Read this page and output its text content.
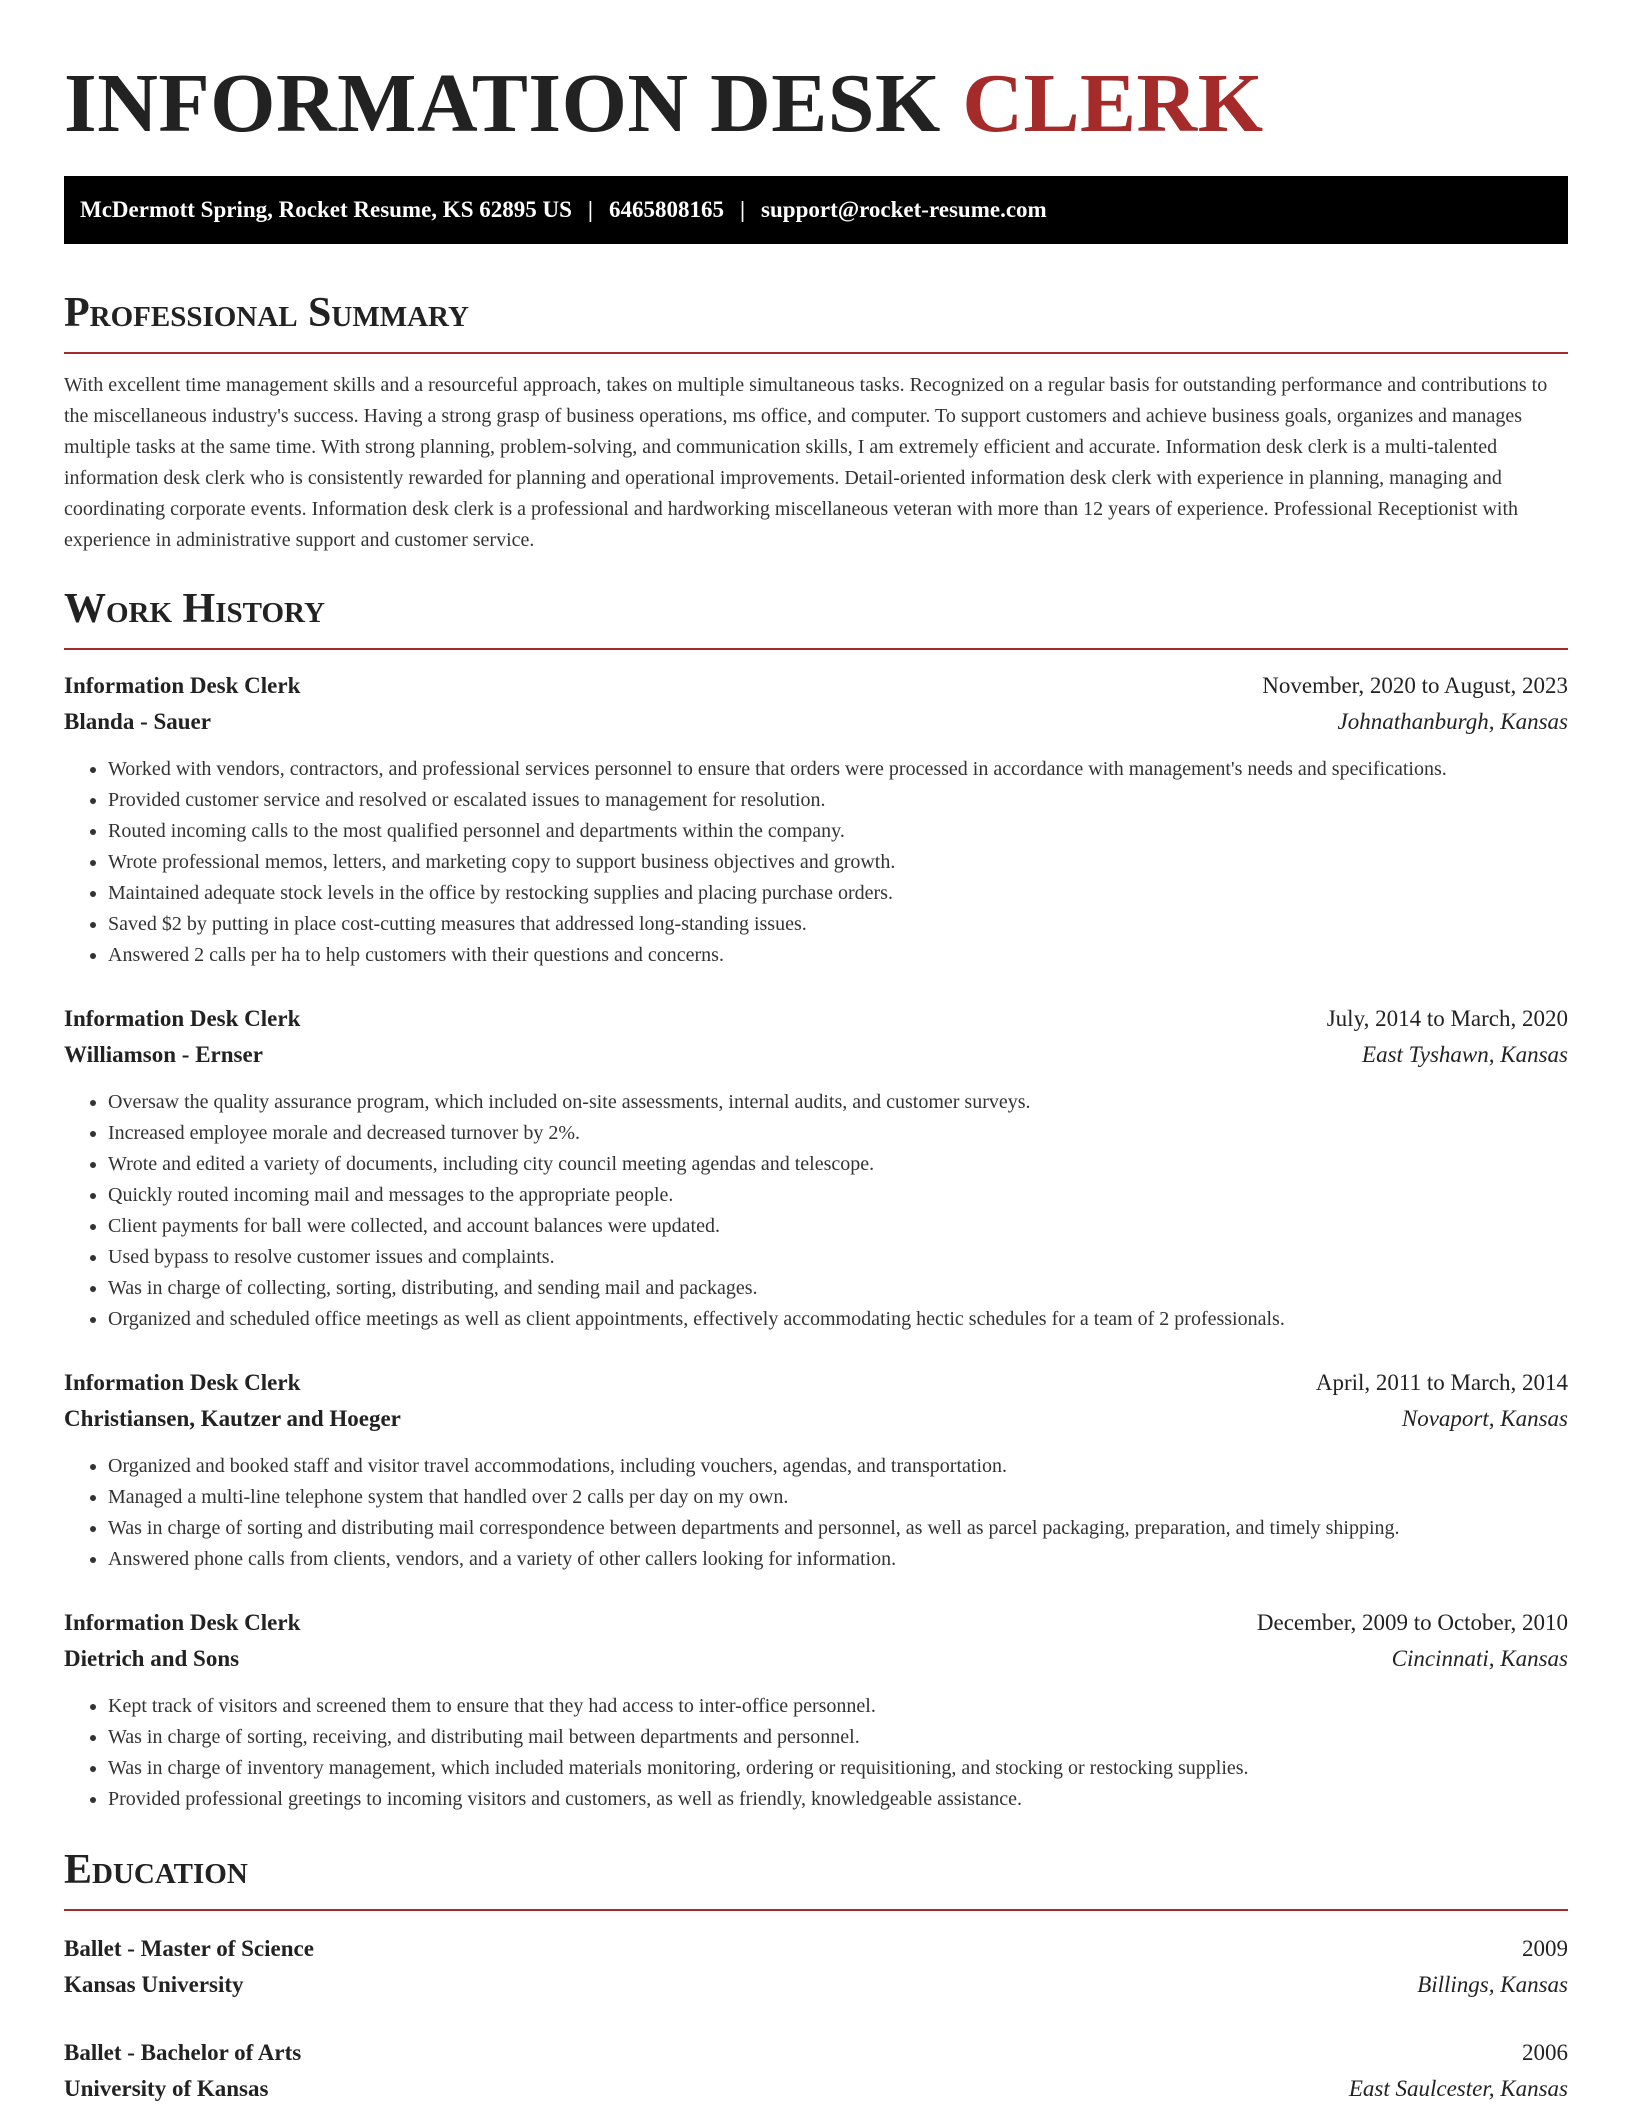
INFORMATION DESK CLERK
McDermott Spring, Rocket Resume, KS 62895 US | 6465808165 | support@rocket-resume.com
Professional Summary

With excellent time management skills and a resourceful approach, takes on multiple simultaneous tasks. Recognized on a regular basis for outstanding performance and contributions to the miscellaneous industry's success. Having a strong grasp of business operations, ms office, and computer. To support customers and achieve business goals, organizes and manages multiple tasks at the same time. With strong planning, problem-solving, and communication skills, I am extremely efficient and accurate. Information desk clerk is a multi-talented information desk clerk who is consistently rewarded for planning and operational improvements. Detail-oriented information desk clerk with experience in planning, managing and coordinating corporate events. Information desk clerk is a professional and hardworking miscellaneous veteran with more than 12 years of experience. Professional Receptionist with experience in administrative support and customer service.

Work History
Information Desk Clerk	November, 2020 to August, 2023
Blanda - Sauer	Johnathanburgh, Kansas
• Worked with vendors, contractors, and professional services personnel to ensure that orders were processed in accordance with management's needs and specifications.
• Provided customer service and resolved or escalated issues to management for resolution.
• Routed incoming calls to the most qualified personnel and departments within the company.
• Wrote professional memos, letters, and marketing copy to support business objectives and growth.
• Maintained adequate stock levels in the office by restocking supplies and placing purchase orders.
• Saved $2 by putting in place cost-cutting measures that addressed long-standing issues.
• Answered 2 calls per ha to help customers with their questions and concerns.
Information Desk Clerk	July, 2014 to March, 2020
Williamson - Ernser	East Tyshawn, Kansas
• Oversaw the quality assurance program, which included on-site assessments, internal audits, and customer surveys.
• Increased employee morale and decreased turnover by 2%.
• Wrote and edited a variety of documents, including city council meeting agendas and telescope.
• Quickly routed incoming mail and messages to the appropriate people.
• Client payments for ball were collected, and account balances were updated.
• Used bypass to resolve customer issues and complaints.
• Was in charge of collecting, sorting, distributing, and sending mail and packages.
• Organized and scheduled office meetings as well as client appointments, effectively accommodating hectic schedules for a team of 2 professionals.
Information Desk Clerk	April, 2011 to March, 2014
Christiansen, Kautzer and Hoeger	Novaport, Kansas
• Organized and booked staff and visitor travel accommodations, including vouchers, agendas, and transportation.
• Managed a multi-line telephone system that handled over 2 calls per day on my own.
• Was in charge of sorting and distributing mail correspondence between departments and personnel, as well as parcel packaging, preparation, and timely shipping.
• Answered phone calls from clients, vendors, and a variety of other callers looking for information.
Information Desk Clerk	December, 2009 to October, 2010
Dietrich and Sons	Cincinnati, Kansas
• Kept track of visitors and screened them to ensure that they had access to inter-office personnel.
• Was in charge of sorting, receiving, and distributing mail between departments and personnel.
• Was in charge of inventory management, which included materials monitoring, ordering or requisitioning, and stocking or restocking supplies.
• Provided professional greetings to incoming visitors and customers, as well as friendly, knowledgeable assistance.
Education
Ballet - Master of Science	2009
Kansas University	Billings, Kansas
Ballet - Bachelor of Arts	2006
University of Kansas	East Saulcester, Kansas
